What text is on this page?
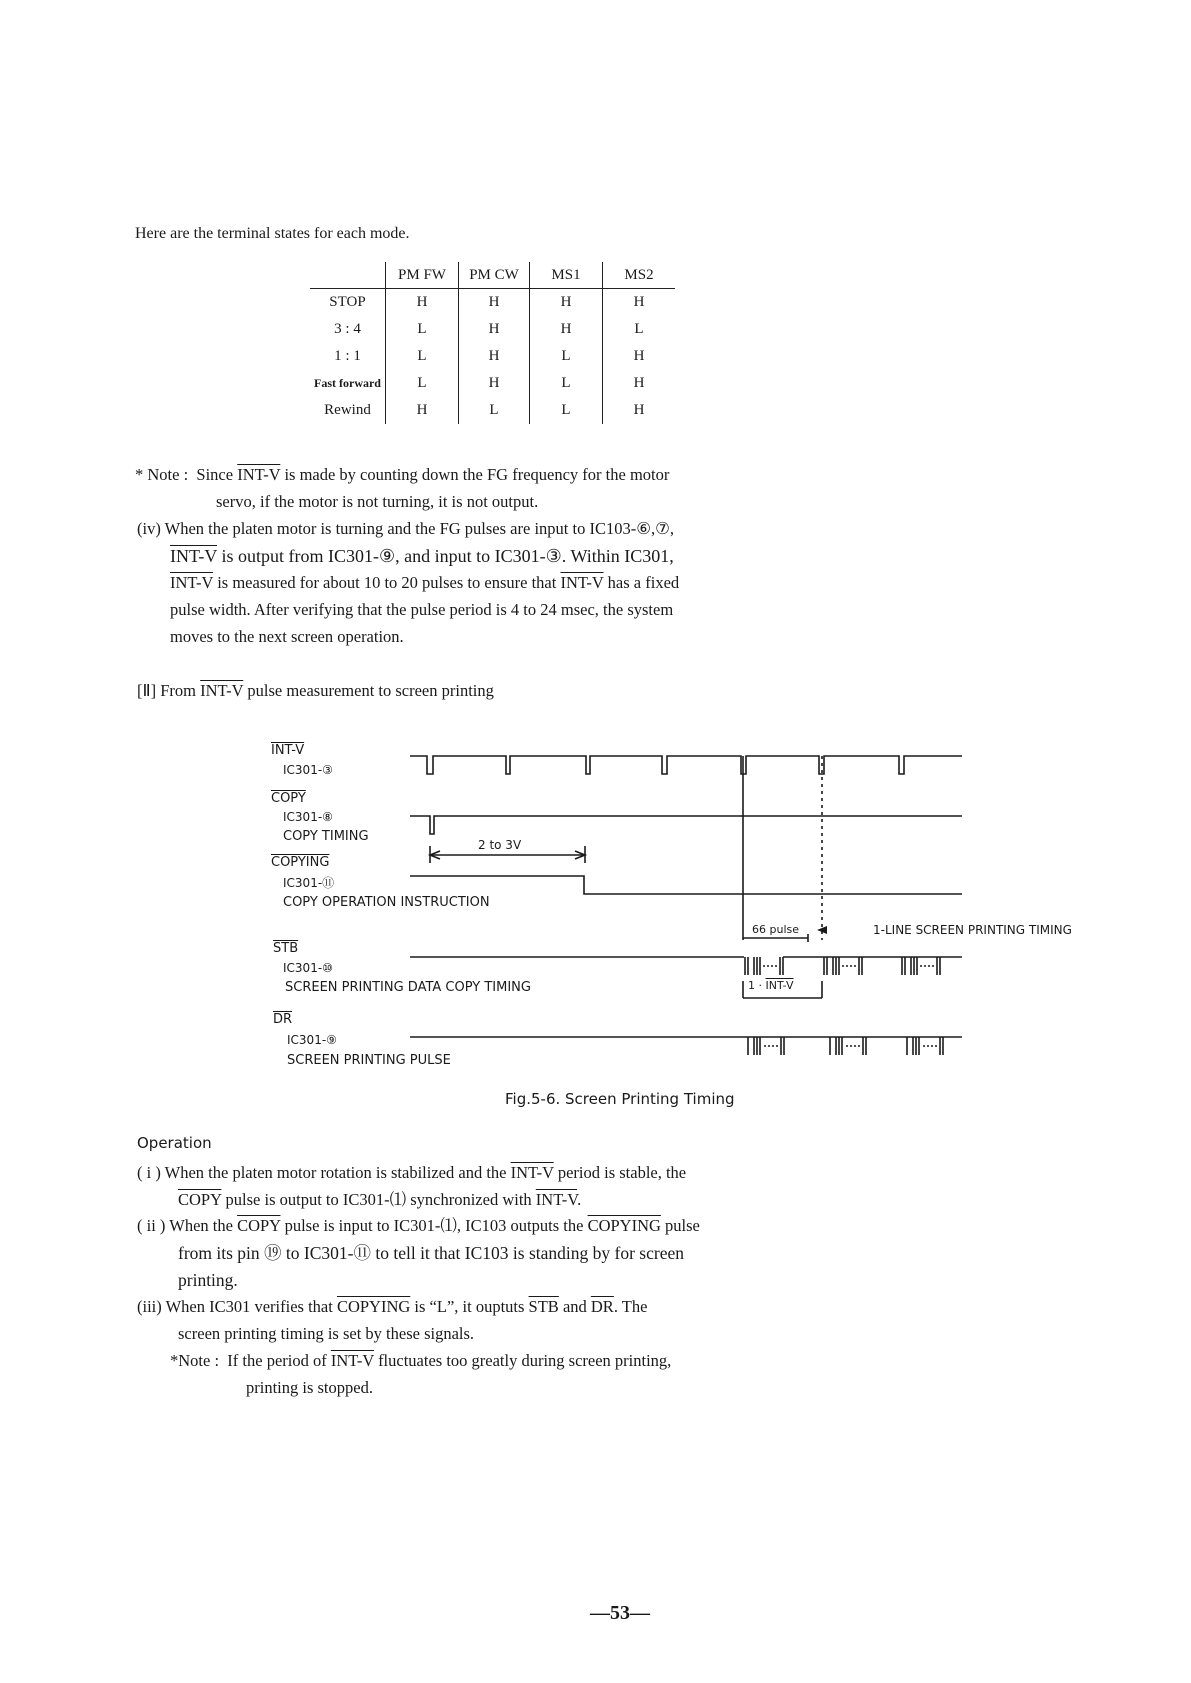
Here are the terminal states for each mode.

	PM FW	PM CW	MS1	MS2
STOP	H	H	H	H
3 : 4	L	H	H	L
1 : 1	L	H	L	H
Fast forward	L	H	L	H
Rewind	H	L	L	H
* Note : Since INT-V is made by counting down the FG frequency for the motor
servo, if the motor is not turning, it is not output.
(iv) When the platen motor is turning and the FG pulses are input to IC103-⑥,⑦,
INT-V is output from IC301-⑨, and input to IC301-③. Within IC301,
INT-V is measured for about 10 to 20 pulses to ensure that INT-V has a fixed
pulse width. After verifying that the pulse period is 4 to 24 msec, the system
moves to the next screen operation.
[Ⅱ] From INT-V pulse measurement to screen printing
INT-V
IC301-③
COPY
IC301-⑧
COPY TIMING
2 to 3V
COPYING
IC301-⑪
COPY OPERATION INSTRUCTION
66 pulse	1-LINE SCREEN PRINTING TIMING
$\overline{STB}$
IC301-⑩
SCREEN PRINTING DATA COPY TIMING	1 · INT-V
$\overline{DR}$
IC301-⑨
SCREEN PRINTING PULSE

Fig.5-6. Screen Printing Timing

Operation

( i ) When the platen motor rotation is stabilized and the INT-V period is stable, the
COPY pulse is output to IC301-⑴ synchronized with INT-V.
( ii ) When the COPY pulse is input to IC301-⑴, IC103 outputs the COPYING pulse
from its pin ⑲ to IC301-⑪ to tell it that IC103 is standing by for screen
printing.
(iii) When IC301 verifies that COPYING is “L”, it ouptuts $\overline{STB}$ and $\overline{DR}$. The
screen printing timing is set by these signals.
*Note : If the period of INT-V fluctuates too greatly during screen printing,
printing is stopped.

—53—
